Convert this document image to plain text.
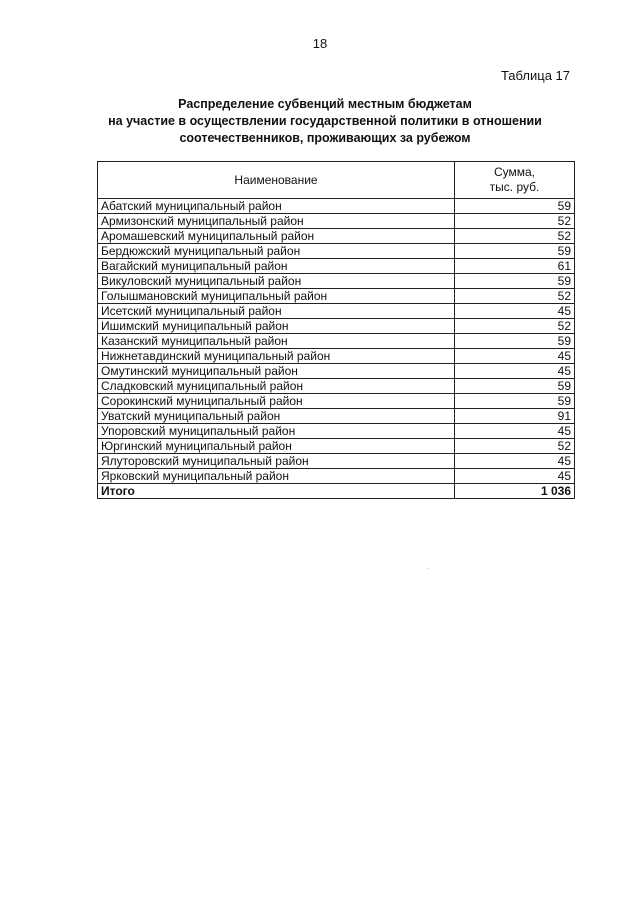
18
Таблица 17
Распределение субвенций местным бюджетам
на участие в осуществлении государственной политики в отношении
соотечественников, проживающих за рубежом
Наименование	Сумма,
тыс. руб.

Абатский муниципальный район	59
Армизонский муниципальный район	52
Аромашевский муниципальный район	52
Бердюжский муниципальный район	59
Вагайский муниципальный район	61
Викуловский муниципальный район	59
Голышмановский муниципальный район	52
Исетский муниципальный район	45
Ишимский муниципальный район	52
Казанский муниципальный район	59
Нижнетавдинский муниципальный район	45
Омутинский муниципальный район	45
Сладковский муниципальный район	59
Сорокинский муниципальный район	59
Уватский муниципальный район	91
Упоровский муниципальный район	45
Юргинский муниципальный район	52
Ялуторовский муниципальный район	45
Ярковский муниципальный район	45
Итого	1 036
